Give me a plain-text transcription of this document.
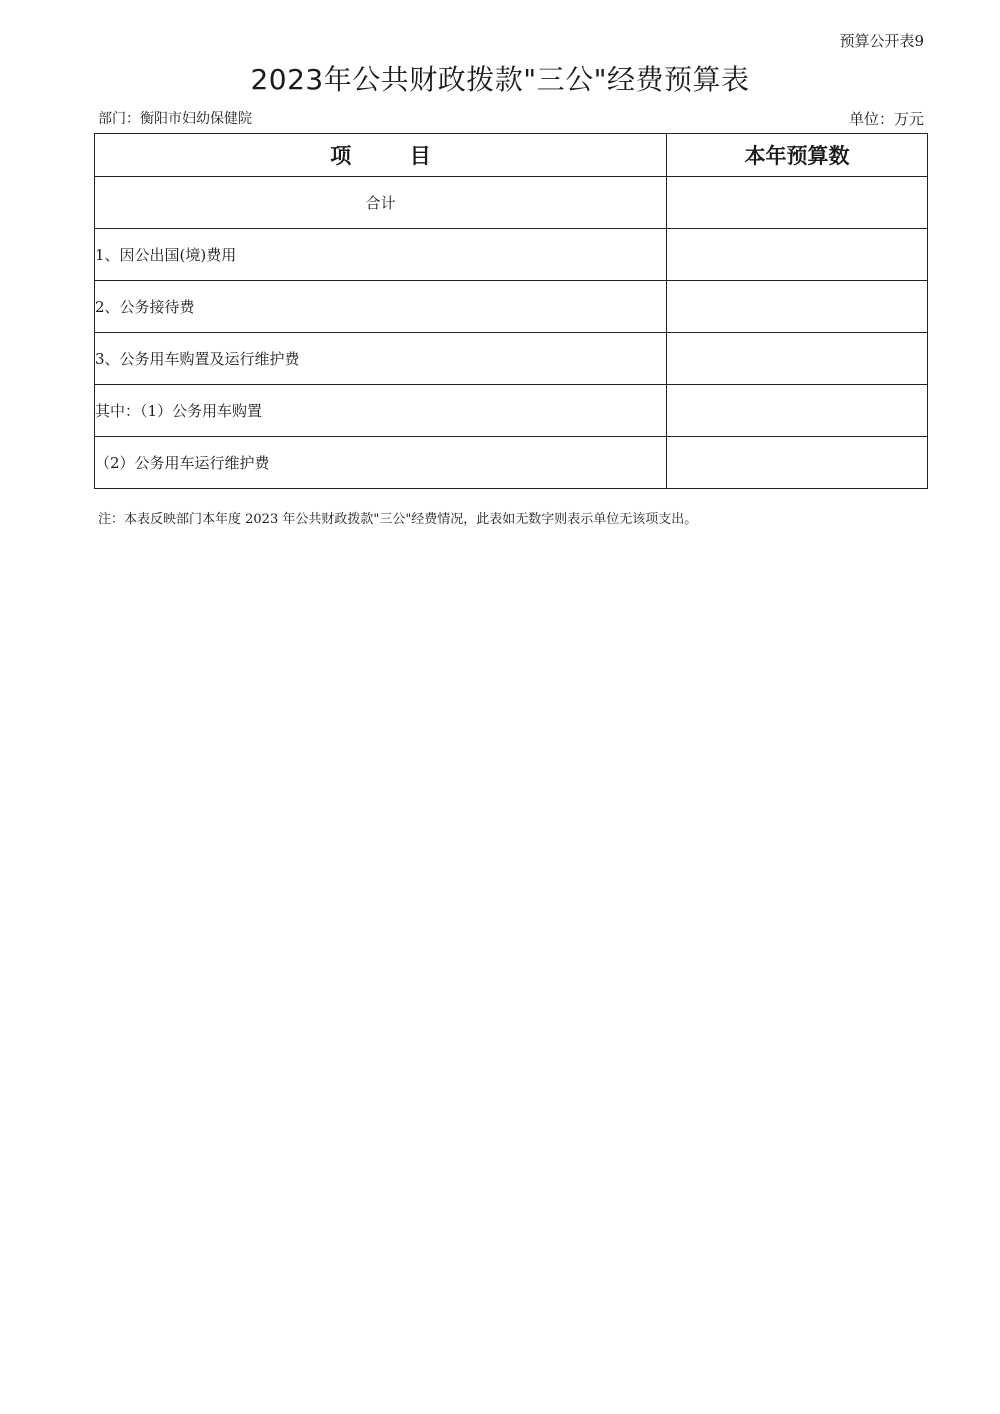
预算公开表9
2023年公共财政拨款"三公"经费预算表
部门：衡阳市妇幼保健院	单位：万元
项        目	本年预算数
合计	
1、因公出国(境)费用	
2、公务接待费	
3、公务用车购置及运行维护费	
其中：（1）公务用车购置	
（2）公务用车运行维护费	
注：本表反映部门本年度 2023 年公共财政拨款"三公"经费情况，此表如无数字则表示单位无该项支出。
